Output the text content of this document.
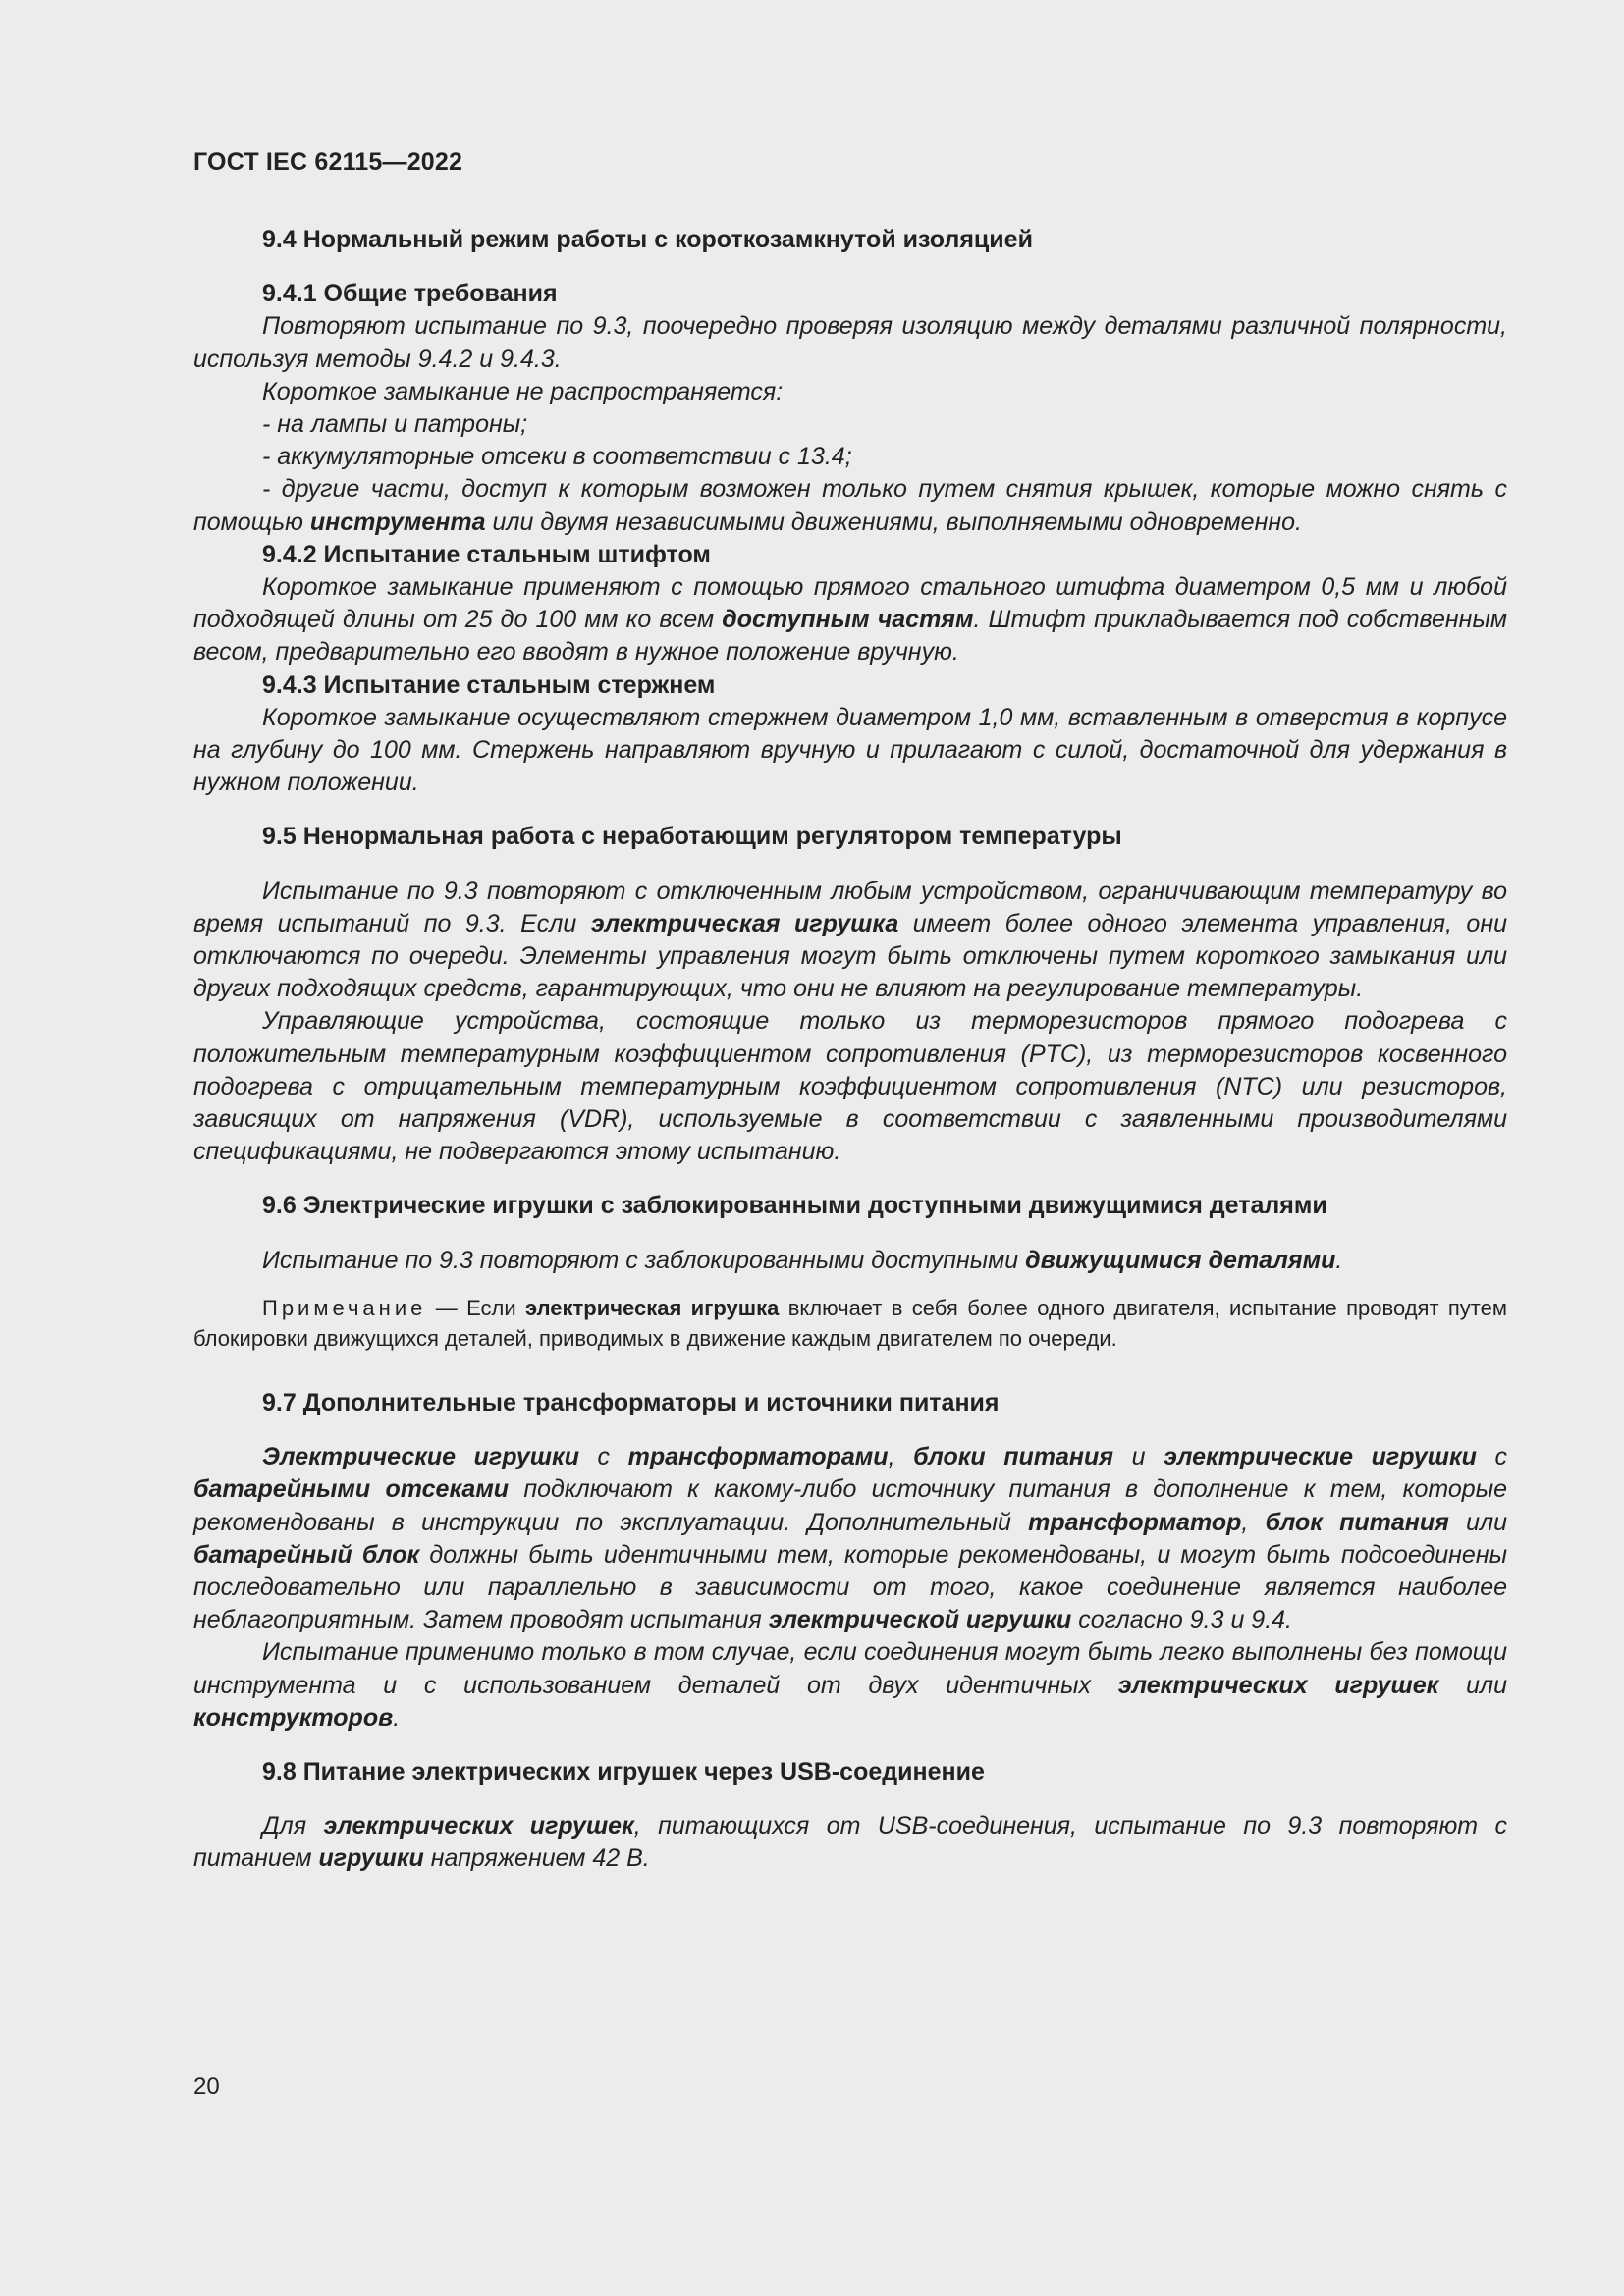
ГОСТ IEC 62115—2022
9.4 Нормальный режим работы с короткозамкнутой изоляцией
9.4.1 Общие требования

Повторяют испытание по 9.3, поочередно проверяя изоляцию между деталями различной полярности, используя методы 9.4.2 и 9.4.3.

Короткое замыкание не распространяется:

- на лампы и патроны;

- аккумуляторные отсеки в соответствии с 13.4;

- другие части, доступ к которым возможен только путем снятия крышек, которые можно снять с помощью инструмента или двумя независимыми движениями, выполняемыми одновременно.

9.4.2 Испытание стальным штифтом

Короткое замыкание применяют с помощью прямого стального штифта диаметром 0,5 мм и любой подходящей длины от 25 до 100 мм ко всем доступным частям. Штифт прикладывается под собственным весом, предварительно его вводят в нужное положение вручную.

9.4.3 Испытание стальным стержнем

Короткое замыкание осуществляют стержнем диаметром 1,0 мм, вставленным в отверстия в корпусе на глубину до 100 мм. Стержень направляют вручную и прилагают с силой, достаточной для удержания в нужном положении.

9.5 Ненормальная работа с неработающим регулятором температуры

Испытание по 9.3 повторяют с отключенным любым устройством, ограничивающим температуру во время испытаний по 9.3. Если электрическая игрушка имеет более одного элемента управления, они отключаются по очереди. Элементы управления могут быть отключены путем короткого замыкания или других подходящих средств, гарантирующих, что они не влияют на регулирование температуры.

Управляющие устройства, состоящие только из терморезисторов прямого подогрева с положительным температурным коэффициентом сопротивления (PTC), из терморезисторов косвенного подогрева с отрицательным температурным коэффициентом сопротивления (NTC) или резисторов, зависящих от напряжения (VDR), используемые в соответствии с заявленными производителями спецификациями, не подвергаются этому испытанию.

9.6 Электрические игрушки с заблокированными доступными движущимися деталями

Испытание по 9.3 повторяют с заблокированными доступными движущимися деталями.

Примечание — Если электрическая игрушка включает в себя более одного двигателя, испытание проводят путем блокировки движущихся деталей, приводимых в движение каждым двигателем по очереди.

9.7 Дополнительные трансформаторы и источники питания

Электрические игрушки с трансформаторами, блоки питания и электрические игрушки с батарейными отсеками подключают к какому-либо источнику питания в дополнение к тем, которые рекомендованы в инструкции по эксплуатации. Дополнительный трансформатор, блок питания или батарейный блок должны быть идентичными тем, которые рекомендованы, и могут быть подсоединены последовательно или параллельно в зависимости от того, какое соединение является наиболее неблагоприятным. Затем проводят испытания электрической игрушки согласно 9.3 и 9.4.

Испытание применимо только в том случае, если соединения могут быть легко выполнены без помощи инструмента и с использованием деталей от двух идентичных электрических игрушек или конструкторов.

9.8 Питание электрических игрушек через USB-соединение

Для электрических игрушек, питающихся от USB-соединения, испытание по 9.3 повторяют с питанием игрушки напряжением 42 В.

20
